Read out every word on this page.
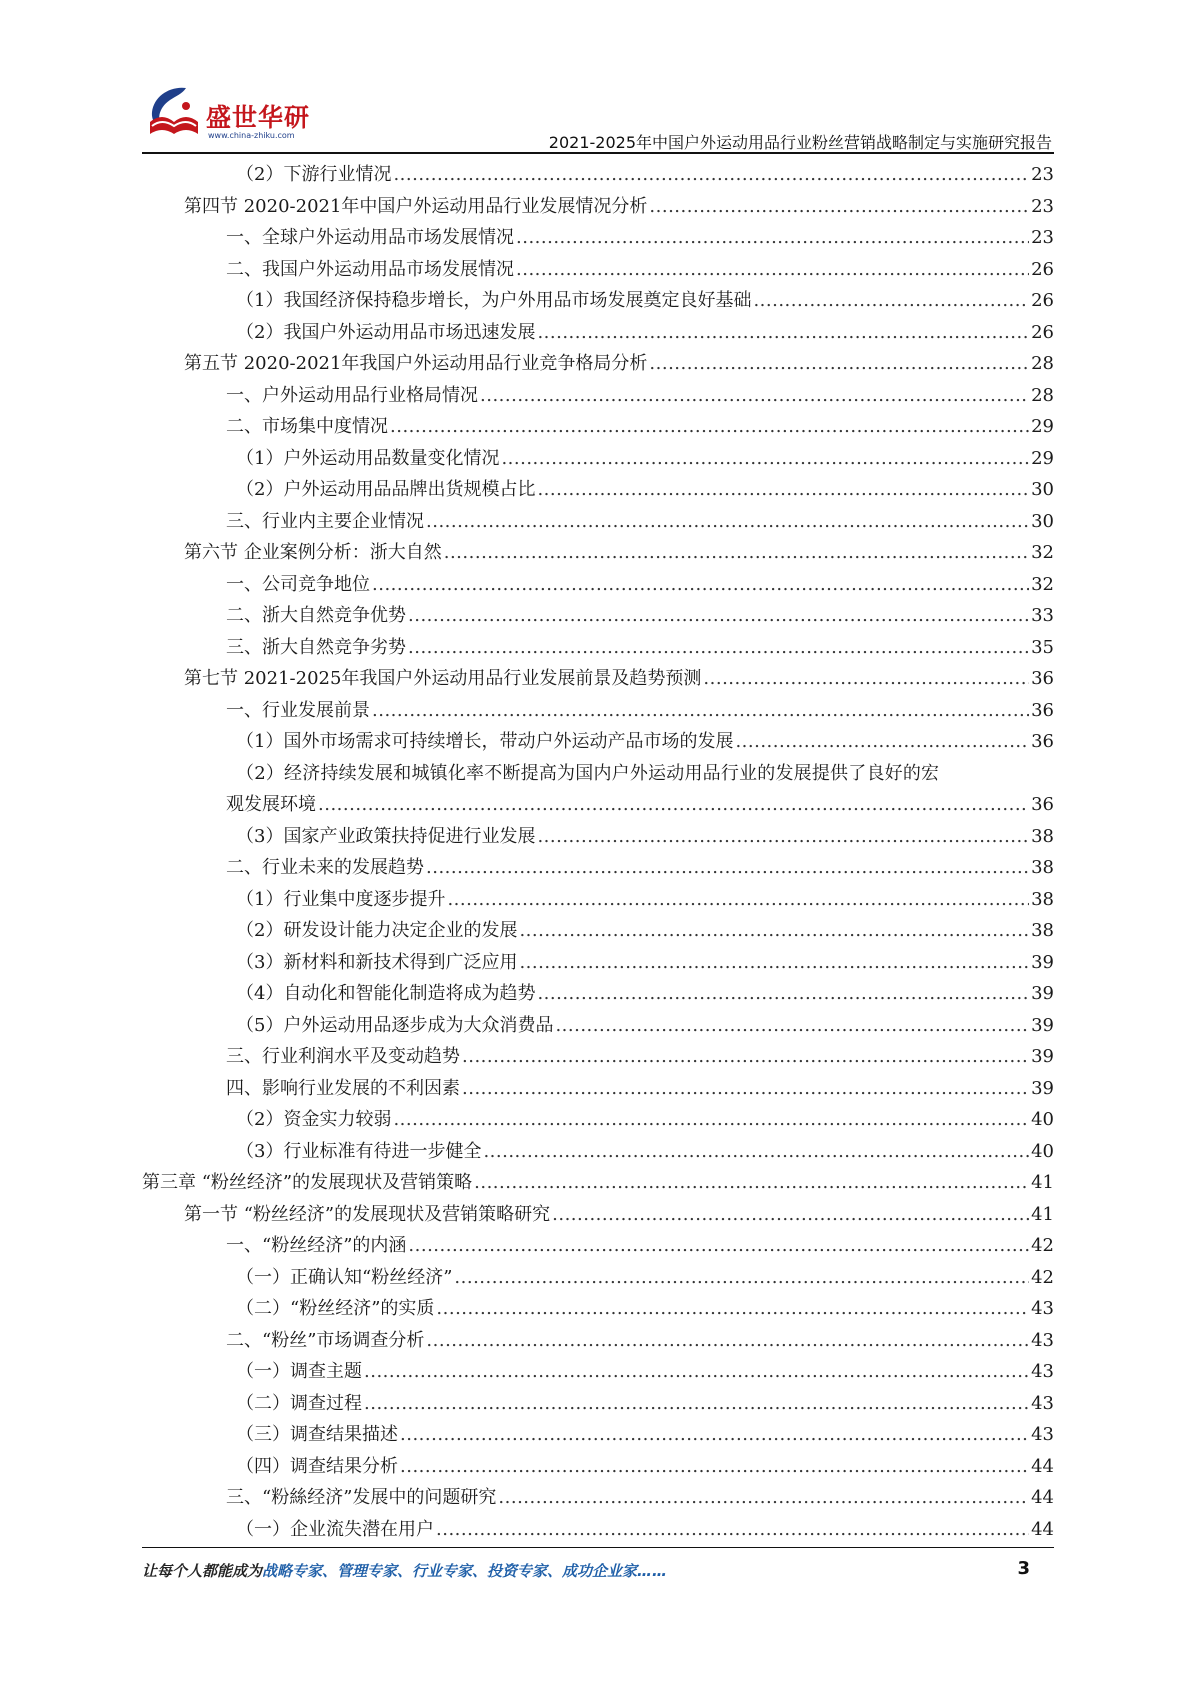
盛世华研
www.china-zhiku.com	2021-2025年中国户外运动用品行业粉丝营销战略制定与实施研究报告
（2）下游行业情况 .....	23
第四节 2020-2021年中国户外运动用品行业发展情况分析 .....	23
一、全球户外运动用品市场发展情况 .....	23
二、我国户外运动用品市场发展情况 .....	26
（1）我国经济保持稳步增长，为户外用品市场发展奠定良好基础 .....	26
（2）我国户外运动用品市场迅速发展 .....	26
第五节 2020-2021年我国户外运动用品行业竞争格局分析 .....	28
一、户外运动用品行业格局情况 .....	28
二、市场集中度情况 .....	29
（1）户外运动用品数量变化情况 .....	29
（2）户外运动用品品牌出货规模占比 .....	30
三、行业内主要企业情况 .....	30
第六节 企业案例分析：浙大自然 .....	32
一、公司竞争地位 .....	32
二、浙大自然竞争优势 .....	33
三、浙大自然竞争劣势 .....	35
第七节 2021-2025年我国户外运动用品行业发展前景及趋势预测 .....	36
一、行业发展前景 .....	36
（1）国外市场需求可持续增长，带动户外运动产品市场的发展 .....	36
（2）经济持续发展和城镇化率不断提高为国内户外运动用品行业的发展提供了良好的宏
观发展环境 .....	36
（3）国家产业政策扶持促进行业发展 .....	38
二、行业未来的发展趋势 .....	38
（1）行业集中度逐步提升 .....	38
（2）研发设计能力决定企业的发展 .....	38
（3）新材料和新技术得到广泛应用 .....	39
（4）自动化和智能化制造将成为趋势 .....	39
（5）户外运动用品逐步成为大众消费品 .....	39
三、行业利润水平及变动趋势 .....	39
四、影响行业发展的不利因素 .....	39
（2）资金实力较弱 .....	40
（3）行业标准有待进一步健全 .....	40
第三章 “粉丝经济”的发展现状及营销策略 .....	41
第一节 “粉丝经济”的发展现状及营销策略研究 .....	41
一、“粉丝经济”的内涵 .....	42
（一）正确认知“粉丝经济” .....	42
（二）“粉丝经济”的实质 .....	43
二、“粉丝”市场调查分析 .....	43
（一）调查主题 .....	43
（二）调查过程 .....	43
（三）调查结果描述 .....	43
（四）调查结果分析 .....	44
三、“粉絲经济”发展中的问题研究 .....	44
（一）企业流失潜在用户 .....	44
让每个人都能成为战略专家、管理专家、行业专家、投资专家、成功企业家……	3
